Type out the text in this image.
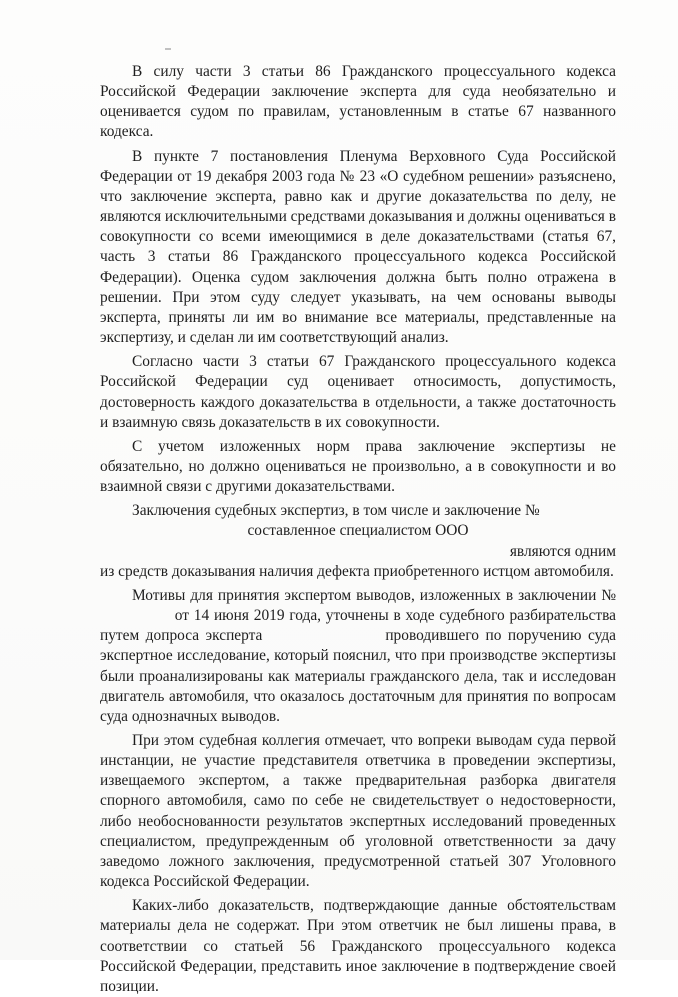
В силу части 3 статьи 86 Гражданского процессуального кодекса Российской Федерации заключение эксперта для суда необязательно и оценивается судом по правилам, установленным в статье 67 названного кодекса.

В пункте 7 постановления Пленума Верховного Суда Российской Федерации от 19 декабря 2003 года № 23 «О судебном решении» разъяснено, что заключение эксперта, равно как и другие доказательства по делу, не являются исключительными средствами доказывания и должны оцениваться в совокупности со всеми имеющимися в деле доказательствами (статья 67, часть 3 статьи 86 Гражданского процессуального кодекса Российской Федерации). Оценка судом заключения должна быть полно отражена в решении. При этом суду следует указывать, на чем основаны выводы эксперта, приняты ли им во внимание все материалы, представленные на экспертизу, и сделан ли им соответствующий анализ.

Согласно части 3 статьи 67 Гражданского процессуального кодекса Российской Федерации суд оценивает относимость, допустимость, достоверность каждого доказательства в отдельности, а также достаточность и взаимную связь доказательств в их совокупности.

С учетом изложенных норм права заключение экспертизы не обязательно, но должно оцениваться не произвольно, а в совокупности и во взаимной связи с другими доказательствами.

Заключения судебных экспертиз, в том числе и заключение №
составленное специалистом ООО
являются одним
из средств доказывания наличия дефекта приобретенного истцом автомобиля.

Мотивы для принятия экспертом выводов, изложенных в заключении №  от 14 июня 2019 года, уточнены в ходе судебного разбирательства путем допроса эксперта	проводившего по поручению суда экспертное исследование, который пояснил, что при производстве экспертизы были проанализированы как материалы гражданского дела, так и исследован двигатель автомобиля, что оказалось достаточным для принятия по вопросам суда однозначных выводов.

При этом судебная коллегия отмечает, что вопреки выводам суда первой инстанции, не участие представителя ответчика в проведении экспертизы, извещаемого экспертом, а также предварительная разборка двигателя спорного автомобиля, само по себе не свидетельствует о недостоверности, либо необоснованности результатов экспертных исследований проведенных специалистом, предупрежденным об уголовной ответственности за дачу заведомо ложного заключения, предусмотренной статьей 307 Уголовного кодекса Российской Федерации.

Каких-либо доказательств, подтверждающие данные обстоятельствам материалы дела не содержат. При этом ответчик не был лишены права, в соответствии со статьей 56 Гражданского процессуального кодекса Российской Федерации, представить иное заключение в подтверждение своей позиции.
